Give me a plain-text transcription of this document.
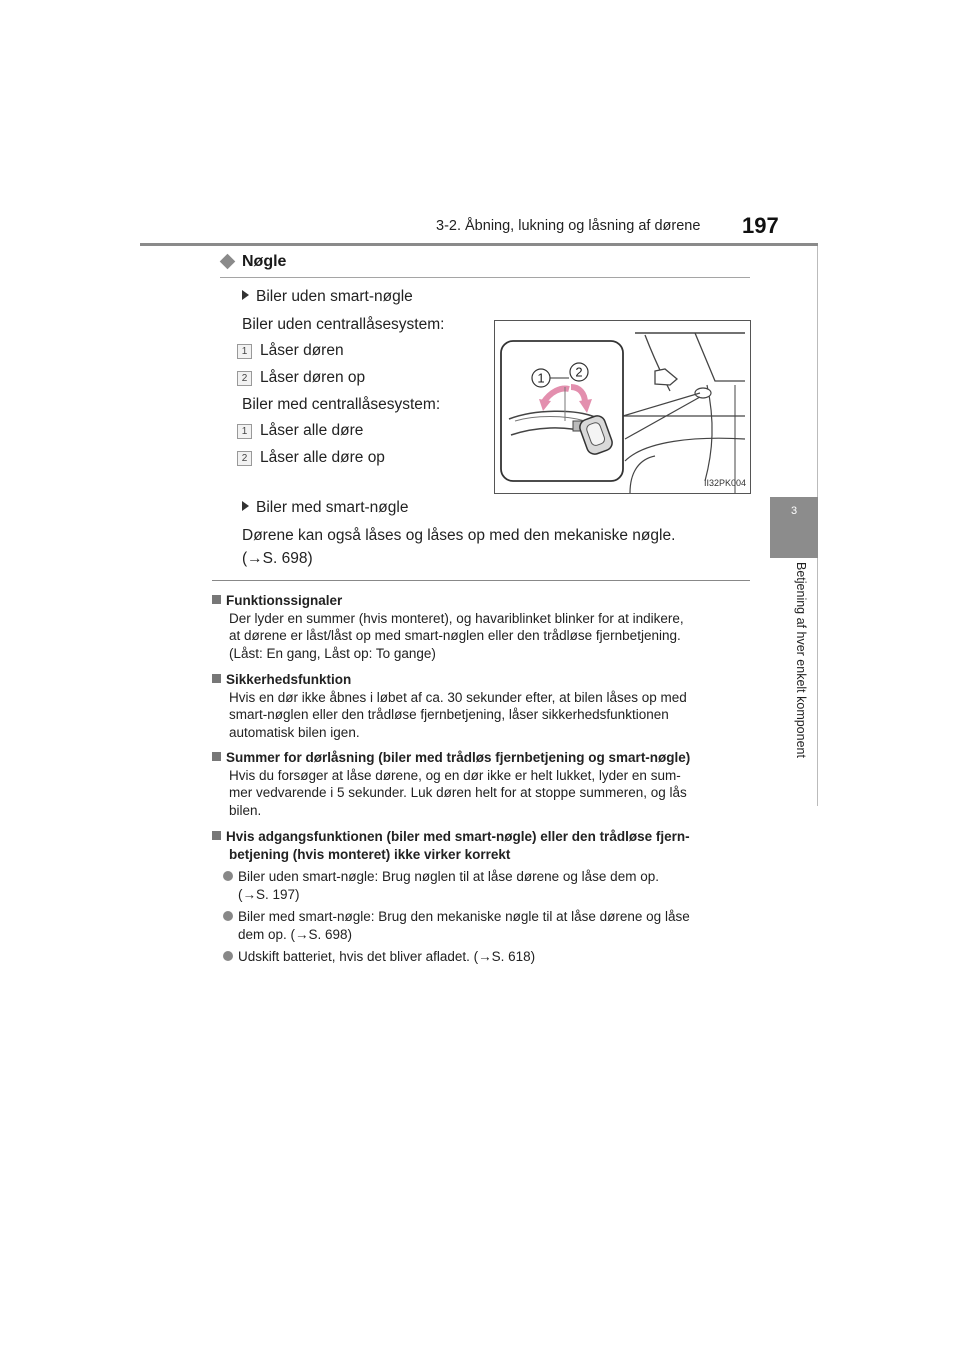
3-2. Åbning, lukning og låsning af dørene 197
3
Betjening af hver enkelt komponent
Nøgle
Biler uden smart-nøgle
Biler uden centrallåsesystem:
1 Låser døren
2 Låser døren op
Biler med centrallåsesystem:
1 Låser alle døre
2 Låser alle døre op
Biler med smart-nøgle
Dørene kan også låses og låses op med den mekaniske nøgle.
(→S. 698)
1 2
II32PK004
Funktionssignaler
Der lyder en summer (hvis monteret), og havariblinket blinker for at indikere,
at dørene er låst/låst op med smart-nøglen eller den trådløse fjernbetjening.
(Låst: En gang, Låst op: To gange)
Sikkerhedsfunktion
Hvis en dør ikke åbnes i løbet af ca. 30 sekunder efter, at bilen låses op med
smart-nøglen eller den trådløse fjernbetjening, låser sikkerhedsfunktionen
automatisk bilen igen.
Summer for dørlåsning (biler med trådløs fjernbetjening og smart-nøgle)
Hvis du forsøger at låse dørene, og en dør ikke er helt lukket, lyder en sum-
mer vedvarende i 5 sekunder. Luk døren helt for at stoppe summeren, og lås
bilen.
Hvis adgangsfunktionen (biler med smart-nøgle) eller den trådløse fjern-
betjening (hvis monteret) ikke virker korrekt
Biler uden smart-nøgle: Brug nøglen til at låse dørene og låse dem op.
(→S. 197)
Biler med smart-nøgle: Brug den mekaniske nøgle til at låse dørene og låse
dem op. (→S. 698)
Udskift batteriet, hvis det bliver afladet. (→S. 618)
